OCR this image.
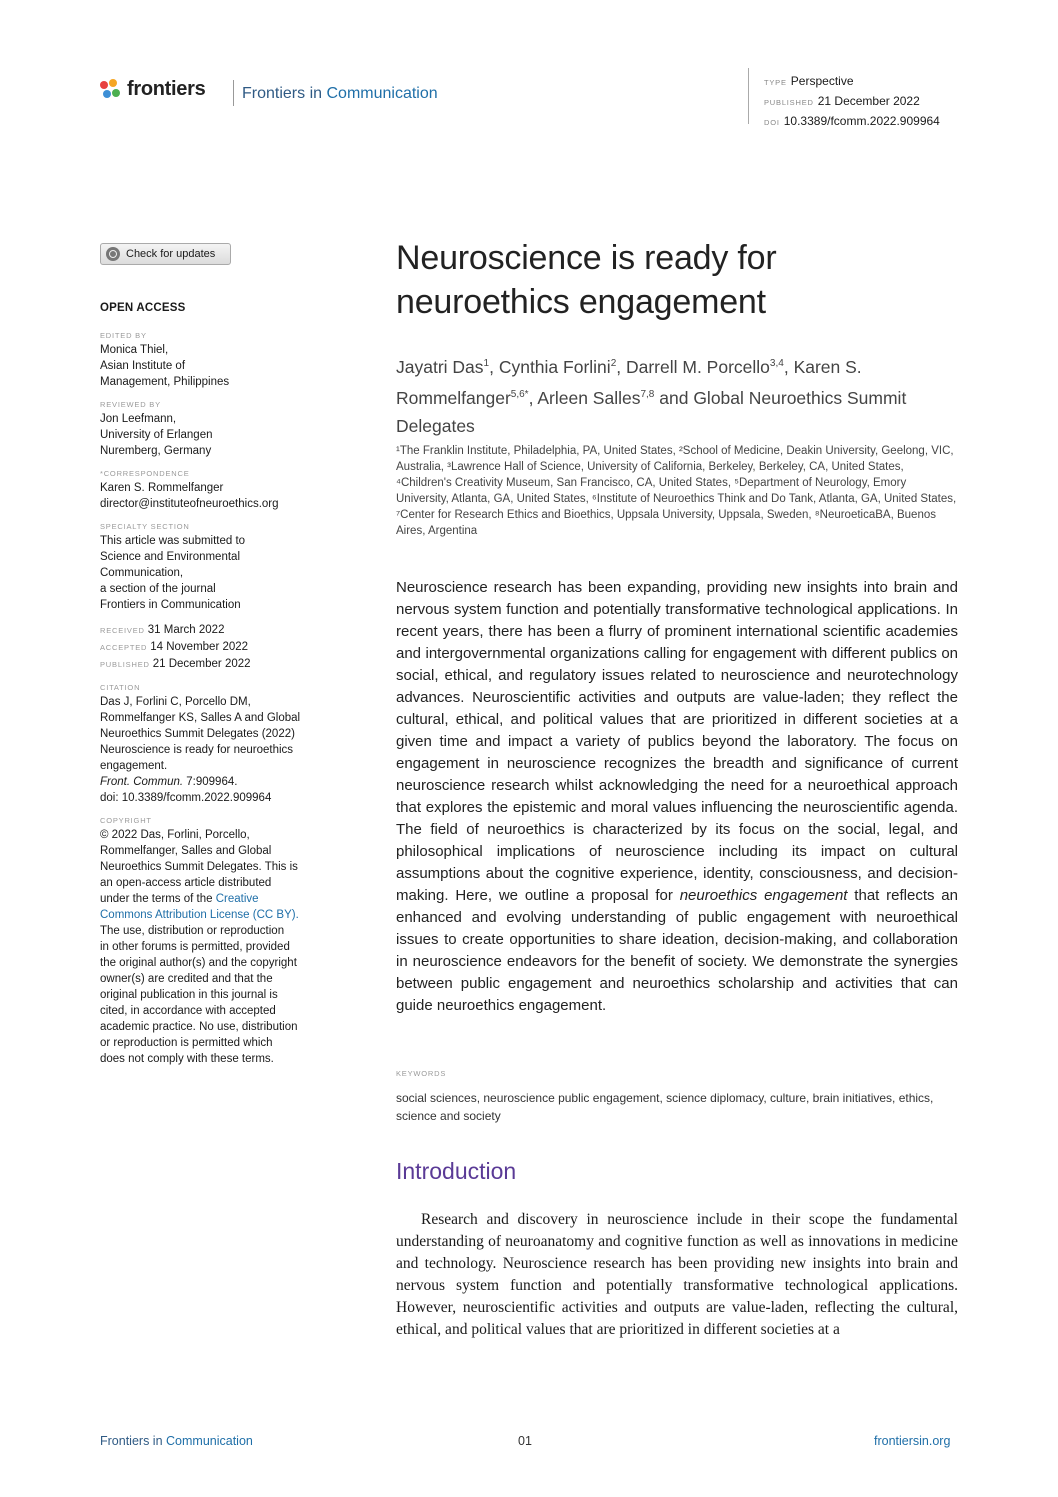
frontiers Frontiers in Communication
TYPE Perspective
PUBLISHED 21 December 2022
DOI 10.3389/fcomm.2022.909964
Check for updates
OPEN ACCESS
EDITED BY
Monica Thiel,
Asian Institute of
Management, Philippines
REVIEWED BY
Jon Leefmann,
University of Erlangen
Nuremberg, Germany
*CORRESPONDENCE
Karen S. Rommelfanger
director@instituteofneuroethics.org
SPECIALTY SECTION
This article was submitted to
Science and Environmental
Communication,
a section of the journal
Frontiers in Communication
RECEIVED 31 March 2022
ACCEPTED 14 November 2022
PUBLISHED 21 December 2022
CITATION
Das J, Forlini C, Porcello DM,
Rommelfanger KS, Salles A and Global
Neuroethics Summit Delegates (2022)
Neuroscience is ready for neuroethics
engagement.
Front. Commun. 7:909964.
doi: 10.3389/fcomm.2022.909964
COPYRIGHT
© 2022 Das, Forlini, Porcello,
Rommelfanger, Salles and Global
Neuroethics Summit Delegates. This is
an open-access article distributed
under the terms of the Creative
Commons Attribution License (CC BY).
The use, distribution or reproduction
in other forums is permitted, provided
the original author(s) and the copyright
owner(s) are credited and that the
original publication in this journal is
cited, in accordance with accepted
academic practice. No use, distribution
or reproduction is permitted which
does not comply with these terms.
Neuroscience is ready for neuroethics engagement
Jayatri Das$^1$, Cynthia Forlini$^2$, Darrell M. Porcello$^{3,4}$, Karen S. Rommelfanger$^{5,6*}$, Arleen Salles$^{7,8}$ and Global Neuroethics Summit Delegates
¹The Franklin Institute, Philadelphia, PA, United States, ²School of Medicine, Deakin University, Geelong, VIC, Australia, ³Lawrence Hall of Science, University of California, Berkeley, Berkeley, CA, United States, ⁴Children's Creativity Museum, San Francisco, CA, United States, ⁵Department of Neurology, Emory University, Atlanta, GA, United States, ⁶Institute of Neuroethics Think and Do Tank, Atlanta, GA, United States, ⁷Center for Research Ethics and Bioethics, Uppsala University, Uppsala, Sweden, ⁸NeuroeticaBA, Buenos Aires, Argentina
Neuroscience research has been expanding, providing new insights into brain and nervous system function and potentially transformative technological applications. In recent years, there has been a flurry of prominent international scientific academies and intergovernmental organizations calling for engagement with different publics on social, ethical, and regulatory issues related to neuroscience and neurotechnology advances. Neuroscientific activities and outputs are value-laden; they reflect the cultural, ethical, and political values that are prioritized in different societies at a given time and impact a variety of publics beyond the laboratory. The focus on engagement in neuroscience recognizes the breadth and significance of current neuroscience research whilst acknowledging the need for a neuroethical approach that explores the epistemic and moral values influencing the neuroscientific agenda. The field of neuroethics is characterized by its focus on the social, legal, and philosophical implications of neuroscience including its impact on cultural assumptions about the cognitive experience, identity, consciousness, and decision-making. Here, we outline a proposal for neuroethics engagement that reflects an enhanced and evolving understanding of public engagement with neuroethical issues to create opportunities to share ideation, decision-making, and collaboration in neuroscience endeavors for the benefit of society. We demonstrate the synergies between public engagement and neuroethics scholarship and activities that can guide neuroethics engagement.
KEYWORDS
social sciences, neuroscience public engagement, science diplomacy, culture, brain initiatives, ethics, science and society
Introduction
Research and discovery in neuroscience include in their scope the fundamental understanding of neuroanatomy and cognitive function as well as innovations in medicine and technology. Neuroscience research has been providing new insights into brain and nervous system function and potentially transformative technological applications. However, neuroscientific activities and outputs are value-laden, reflecting the cultural, ethical, and political values that are prioritized in different societies at a
Frontiers in Communication	01	frontiersin.org
